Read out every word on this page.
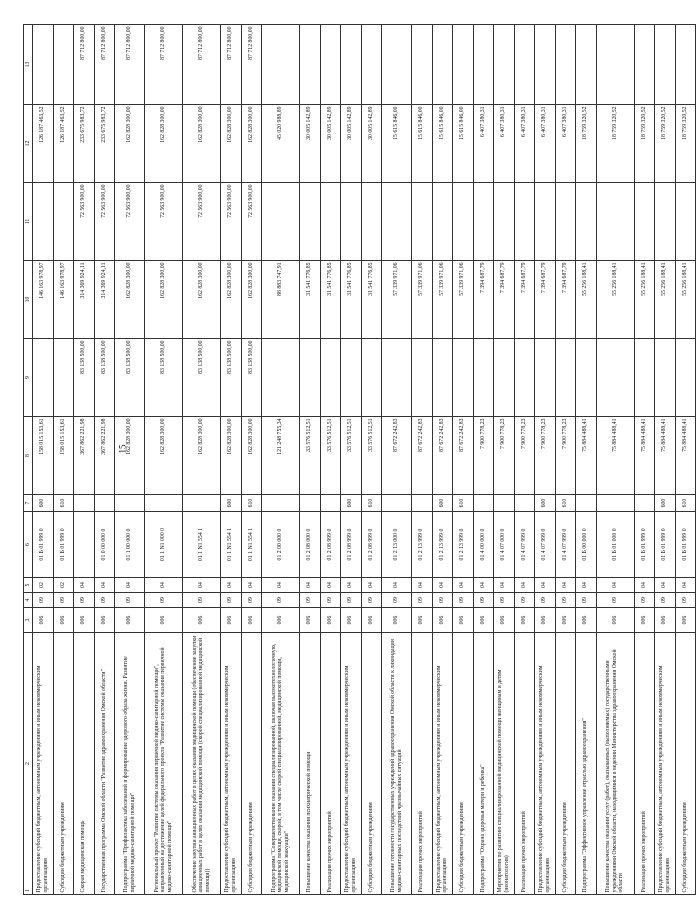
15
1
2	3	4	5	6	7	8	9	10	11	12	13
Предоставление субсидий бюджетным, автономным учреждениям и иным некоммерческим организациям	006	09	02	01 Б 01 999 0	600	158 015 153,61		146 163 978,97		126 187 463,52	
Субсидии бюджетным учреждениям	006	09	02	01 Б 01 999 0	610	158 015 153,61		146 163 978,97		126 187 463,52	
Скорая медицинская помощь	006	09	04			367 862 221,98	83 138 500,00	314 369 924,11	72 563 900,00	233 675 983,72	87 712 800,00
Государственная программа Омской области "Развитие здравоохранения Омской области"	006	09	04	01 0 00 000 0		367 862 221,98	83 138 500,00	314 369 924,11	72 563 900,00	233 675 983,72	87 712 800,00
Подпрограмма "Профилактика заболеваний и формирование здорового образа жизни. Развитие первичной медико-санитарной помощи"	006	09	04	01 1 00 000 0		162 828 300,00	83 138 500,00	162 828 300,00	72 563 900,00	162 828 300,00	87 712 800,00
Региональный проект "Развитие системы оказания первичной медико-санитарной помощи", направленный на достижение целей федерального проекта "Развитие системы оказания первичной медико-санитарной помощи"	006	09	04	01 1 N1 000 0		162 828 300,00	83 138 500,00	162 828 300,00	72 563 900,00	162 828 300,00	87 712 800,00
Обеспечение закупки авиационных работ в целях оказания медицинской помощи (обеспечение закупки авиационных работ в целях оказания медицинской помощи (скорой специализированной медицинской помощи))	006	09	04	01 1 N1 554 1		162 828 300,00	83 138 500,00	162 828 300,00	72 563 900,00	162 828 300,00	87 712 800,00
Предоставление субсидий бюджетным, автономным учреждениям и иным некоммерческим организациям	006	09	04	01 1 N1 554 1	600	162 828 300,00	83 138 500,00	162 828 300,00	72 563 900,00	162 828 300,00	87 712 800,00
Субсидии бюджетным учреждениям	006	09	04	01 1 N1 554 1	610	162 828 300,00	83 138 500,00	162 828 300,00	72 563 900,00	162 828 300,00	87 712 800,00
Подпрограмма "Совершенствование оказания специализированной, включая высокотехнологичную, медицинской помощи, скорой, в том числе скорой специализированной, медицинской помощи, медицинской эвакуации"	006	09	04	01 2 00 000 0		121 248 755,34		88 883 747,91		45 020 988,89	
Повышение качества оказания психиатрической помощи	006	09	04	01 2 08 000 0		33 576 512,51		31 541 776,85		30 005 142,89	
Реализация прочих мероприятий	006	09	04	01 2 08 999 0		33 576 512,51		31 541 776,85		30 005 142,89	
Предоставление субсидий бюджетным, автономным учреждениям и иным некоммерческим организациям	006	09	04	01 2 08 999 0	600	33 576 512,51		31 541 776,85		30 005 142,89	
Субсидии бюджетным учреждениям	006	09	04	01 2 08 999 0	610	33 576 512,51		31 541 776,85		30 005 142,89	
Повышение готовности государственных учреждений здравоохранения Омской области к ликвидации медико-санитарных последствий чрезвычайных ситуаций	006	09	04	01 2 13 000 0		87 672 242,83		57 339 971,06		15 615 846,00	
Реализация прочих мероприятий	006	09	04	01 2 13 999 0		87 672 242,83		57 339 971,06		15 615 846,00	
Предоставление субсидий бюджетным, автономным учреждениям и иным некоммерческим организациям	006	09	04	01 2 13 999 0	600	87 672 242,83		57 339 971,06		15 615 846,00	
Субсидии бюджетным учреждениям	006	09	04	01 2 13 999 0	610	87 672 242,83		57 339 971,06		15 615 846,00	
Подпрограмма "Охрана здоровья матери и ребенка"	006	09	04	01 4 00 000 0		7 900 778,23		7 394 687,79		6 407 380,31	
Мероприятия по развитию специализированной медицинской помощи женщинам и детям (неонатология)	006	09	04	01 4 07 000 0		7 900 778,23		7 394 687,79		6 407 380,31	
Реализация прочих мероприятий	006	09	04	01 4 07 999 0		7 900 778,23		7 394 687,79		6 407 380,31	
Предоставление субсидий бюджетным, автономным учреждениям и иным некоммерческим организациям	006	09	04	01 4 07 999 0	600	7 900 778,23		7 394 687,79		6 407 380,31	
Субсидии бюджетным учреждениям	006	09	04	01 4 07 999 0	610	7 900 778,23		7 394 687,79		6 407 380,31	
Подпрограмма "Эффективное управление отраслью здравоохранения"	006	09	04	01 Б 00 000 0		75 884 488,41		55 256 188,41		18 759 320,52	
Повышение качества оказания услуг (работ), оказываемых (выполняемых) государственными учреждениями Омской области, находящимися в ведении Министерства здравоохранения Омской области	006	09	04	01 Б 01 000 0		75 884 488,41		55 256 188,41		18 759 320,52	
Реализация прочих мероприятий	006	09	04	01 Б 01 999 0		75 884 488,41		55 256 188,41		18 759 320,52	
Предоставление субсидий бюджетным, автономным учреждениям и иным некоммерческим организациям	006	09	04	01 Б 01 999 0	600	75 884 488,41		55 256 188,41		18 759 320,52	
Субсидии бюджетным учреждениям	006	09	04	01 Б 01 999 0	610	75 884 488,41		55 256 188,41		18 759 320,52	
